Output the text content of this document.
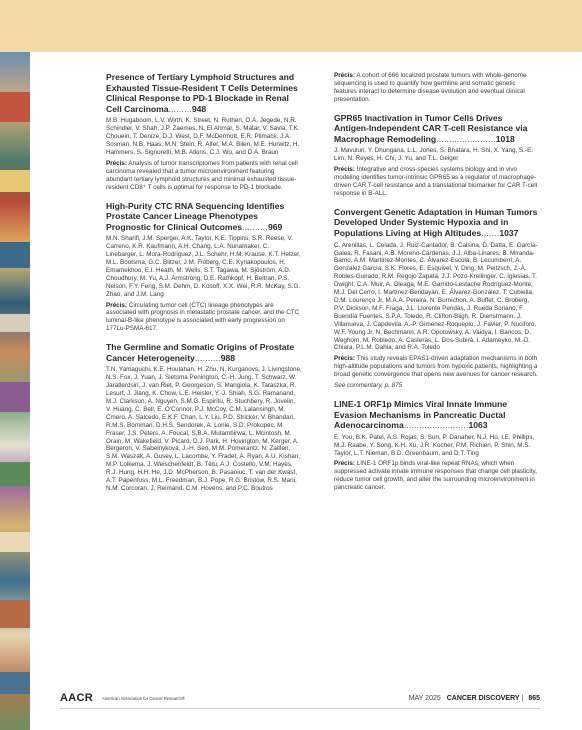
Presence of Tertiary Lymphoid Structures and Exhausted Tissue-Resident T Cells Determines Clinical Response to PD-1 Blockade in Renal Cell Carcinoma.........948
M.B. Hugaboom, L.V. Wirth, K. Street, N. Ruthen, O.A. Jegede, N.R. Schindler, V. Shah, J.P. Zaemes, N. El Ahmar, S. Matar, V. Savla, T.K. Choueiri, T. Denize, D.J. West, D.F. McDermott, E.R. Plimack, J.A. Sosman, N.B. Haas, M.N. Stein, R. Alter, M.A. Bilen, M.E. Hurwitz, H. Hammers, S. Signoretti, M.B. Atkins, C.J. Wu, and D.A. Braun
Précis: Analysis of tumor transcriptomes from patients with renal cell carcinoma revealed that a tumor microenvironment featuring abundant tertiary lymphoid structures and minimal exhausted tissue-resident CD8⁺ T cells is optimal for response to PD-1 blockade.
High-Purity CTC RNA Sequencing Identifies Prostate Cancer Lineage Phenotypes Prognostic for Clinical Outcomes..........969
M.N. Sharifi, J.M. Sperger, A.K. Taylor, K.E. Tippins, S.R. Reese, V. Carreno, K.R. Kaufmann, A.H. Chang, L.A. Nunamaker, C. Linebarger, L. Mora-Rodriguez, J.L. Schehr, H.M. Krause, K.T. Helzer, M.L. Bootsma, G.C. Blitzer, J.M. Floberg, C.E. Kyriakopoulos, H. Emamekhoo, E.I. Heath, M. Wells, S.T. Tagawa, M. Sjöström, A.D. Choudhury, M. Yu, A.J. Armstrong, D.E. Rathkopf, H. Beltran, P.S. Nelson, F.Y. Feng, S.M. Dehm, D. Kosoff, X.X. Wei, R.R. McKay, S.G. Zhao, and J.M. Lang
Précis: Circulating tumor cell (CTC) lineage phenotypes are associated with prognosis in metastatic prostate cancer, and the CTC luminal-B-like phenotype is associated with early progression on 177Lu-PSMA-617.
The Germline and Somatic Origins of Prostate Cancer Heterogeneity..........988
T.N. Yamaguchi, K.E. Houlahan, H. Zhu, N. Kurganovs, J. Livingstone, N.S. Fox, J. Yuan, J. Sietsma Penington, C.-H. Jung, T. Schwarz, W. Jaratlerdsiri, J. van Riet, P. Georgeson, S. Mangiola, K. Taraszka, R. Lesurf, J. Jiang, K. Chow, L.E. Heisler, Y.-J. Shiah, S.G. Ramanand, M.J. Clarkson, A. Nguyen, S.M.G. Espiritu, R. Stuchbery, R. Jovelin, V. Huang, C. Bell, E. O'Connor, P.J. McCoy, C.M. Lalansingh, M. Cmero, A. Salcedo, E.K.F. Chan, L.Y. Liu, P.D. Stricker, V. Bhandari, R.M.S. Bornman, D.H.S. Sendorek, A. Lonie, S.D. Prokopec, M. Fraser, J.S. Peters, A. Foucal, S.B.A. Mutambirwa, L. Mcintosh, M. Orain, M. Wakefield, V. Picard, D.J. Park, H. Hovington, M. Kerger, A. Bergeron, V. Sabelnykova, J.-H. Seo, M.M. Pomerantz, N. Zaitlen, S.M. Waszak, A. Gusev, L. Lacombe, Y. Fradet, A. Ryan, A.U. Kishan, M.P. Lolkema, J. Weischenfeldt, B. Têtu, A.J. Costello, V.M. Hayes, R.J. Hung, H.H. He, J.D. McPherson, B. Pasaniuc, T. van der Kwast, A.T. Papenfuss, M.L. Freedman, B.J. Pope, R.G. Bristow, R.S. Mani, N.M. Corcoran, J. Reimand, C.M. Hovens, and P.C. Boutros
Précis: A cohort of 666 localized prostate tumors with whole-genome sequencing is used to quantify how germline and somatic genetic features interact to determine disease evolution and eventual clinical presentation.
GPR65 Inactivation in Tumor Cells Drives Antigen-Independent CAR T-cell Resistance via Macrophage Remodeling.......................1018
J. Mavuluri, Y. Dhungana, L.L. Jones, S. Bhatara, H. Shi, X. Yang, S.-E. Lim, N. Reyes, H. Chi, J. Yu, and T.L. Geiger
Précis: Integrative and cross-species systems biology and in vivo modeling identifies tumor-intrinsic GPR65 as a regulator of macrophage-driven CAR T-cell resistance and a translational biomarker for CAR T-cell response in B-ALL.
Convergent Genetic Adaptation in Human Tumors Developed Under Systemic Hypoxia and in Populations Living at High Altitudes.......1037
C. Arenillas, L. Celada, J. Ruiz-Cantador, B. Calsina, D. Datta, E. García-Galea, R. Fasani, A.B. Moreno-Cárdenas, J.J. Alba-Linares, B. Miranda-Barrio, A.M. Martínez-Montes, C. Álvarez-Escolá, B. Lecumberri, A. González García, S.K. Flores, E. Esquivel, Y. Ding, M. Peitzsch, J.-Á. Robles-Guirado, R.M. Regojo Zapata, J.J. Pozo-Kreilinger, C. Iglesias, T. Dwight, C.A. Muir, A. Oleaga, M.E. Garrido-Lestache Rodríguez-Monte, M.J. Del Cerro, I. Martínez-Bendayán, E. Álvarez-González, T. Cubiella, D.M. Lourenço Jr, M.A.A. Pereira, N. Burnichon, A. Buffet, C. Broberg, P.V. Dickson, M.F. Fraga, J.L. Llorente Pendás, J. Rueda Soriano, F. Buendía Fuentes, S.P.A. Toledo, R. Clifton-Bligh, R. Dienstmann, J. Villanueva, J. Capdevila, A.-P. Gimenez-Roqueplo, J. Favier, P. Nuciforo, W.F. Young Jr, N. Bechmann, A.R. Opotowsky, A. Vaidya, I. Bancos, D. Weghorn, M. Robledo, A. Casteràs, L. Dos-Subirà, I. Adameyko, M.-D. Chiara, P.L.M. Dahia, and R.A. Toledo
Précis: This study reveals EPAS1-driven adaptation mechanisms in both high-altitude populations and tumors from hypoxic patients, highlighting a broad genetic convergence that opens new avenues for cancer research.
See commentary, p. 875
LINE-1 ORF1p Mimics Viral Innate Immune Evasion Mechanisms in Pancreatic Ductal Adenocarcinoma.........................1063
E. You, B.K. Patel, A.S. Rojas, S. Sun, P. Danaher, N.J. Ho, I.E. Phillips, M.J. Raabe, Y. Song, K.H. Xu, J.R. Kocher, P.M. Richieri, P. Shin, M.S. Taylor, L.T. Nieman, B.D. Greenbaum, and D.T. Ting
Précis: LINE-1 ORF1p binds viral-like repeat RNAs, which when suppressed activate innate immune responses that change cell plasticity, reduce tumor cell growth, and alter the surrounding microenvironment in pancreatic cancer.
AACR American Association for Cancer Research®	MAY 2025 CANCER DISCOVERY | 865
